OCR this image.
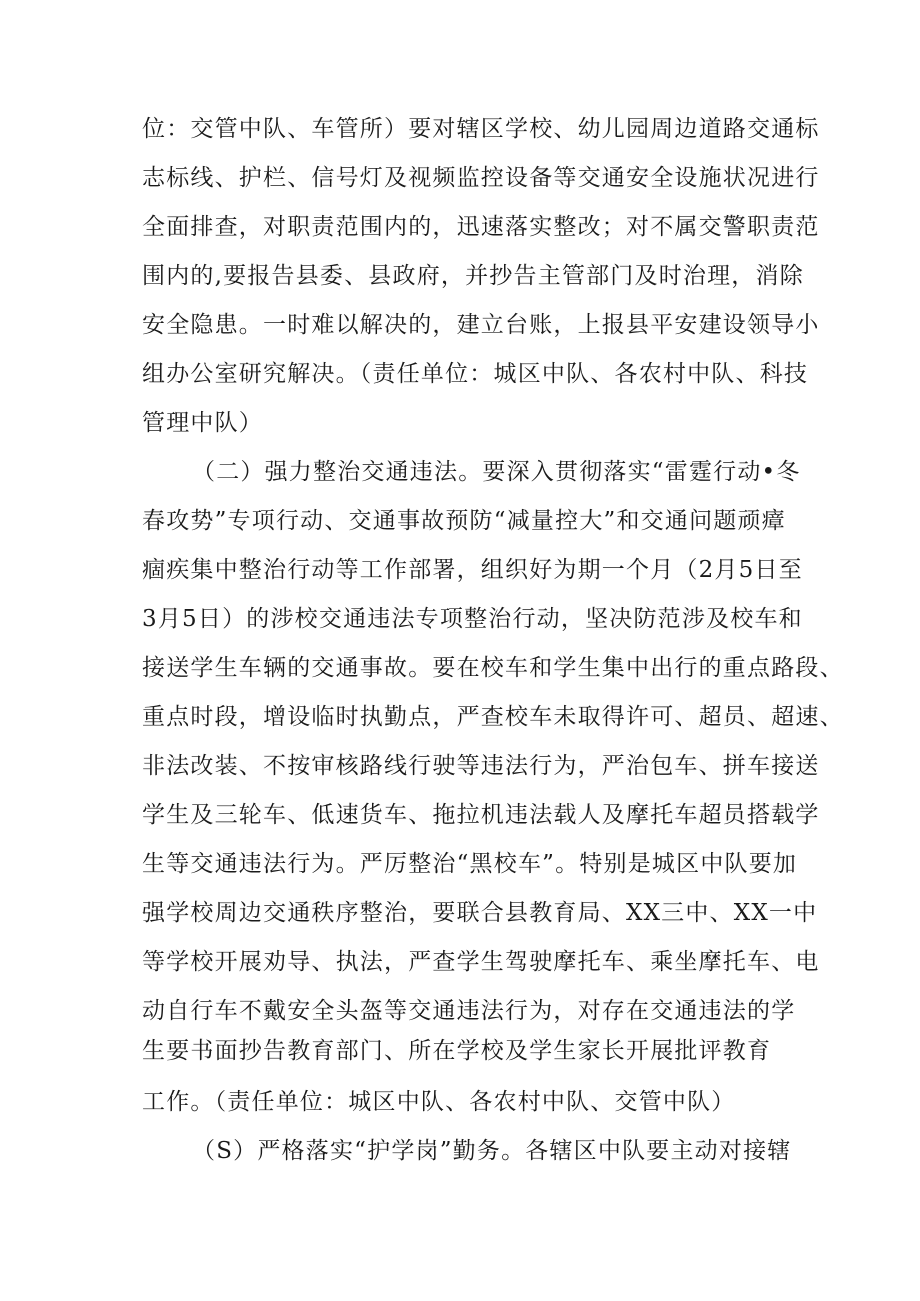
位：交管中队、车管所）要对辖区学校、幼儿园周边道路交通标
志标线、护栏、信号灯及视频监控设备等交通安全设施状况进行
全面排查，对职责范围内的，迅速落实整改；对不属交警职责范
围内的,要报告县委、县政府，并抄告主管部门及时治理，消除
安全隐患。一时难以解决的，建立台账，上报县平安建设领导小
组办公室研究解决。（责任单位：城区中队、各农村中队、科技
管理中队）
（二）强力整治交通违法。要深入贯彻落实“雷霆行动•冬
春攻势”专项行动、交通事故预防“减量控大”和交通问题顽瘴
痼疾集中整治行动等工作部署，组织好为期一个月（2月5日至
3月5日）的涉校交通违法专项整治行动，坚决防范涉及校车和
接送学生车辆的交通事故。要在校车和学生集中出行的重点路段、
重点时段，增设临时执勤点，严查校车未取得许可、超员、超速、
非法改装、不按审核路线行驶等违法行为，严治包车、拼车接送
学生及三轮车、低速货车、拖拉机违法载人及摩托车超员搭载学
生等交通违法行为。严厉整治“黑校车”。特别是城区中队要加
强学校周边交通秩序整治，要联合县教育局、XX三中、XX一中
等学校开展劝导、执法，严查学生驾驶摩托车、乘坐摩托车、电
动自行车不戴安全头盔等交通违法行为，对存在交通违法的学
生要书面抄告教育部门、所在学校及学生家长开展批评教育
工作。（责任单位：城区中队、各农村中队、交管中队）
（S）严格落实“护学岗”勤务。各辖区中队要主动对接辖
